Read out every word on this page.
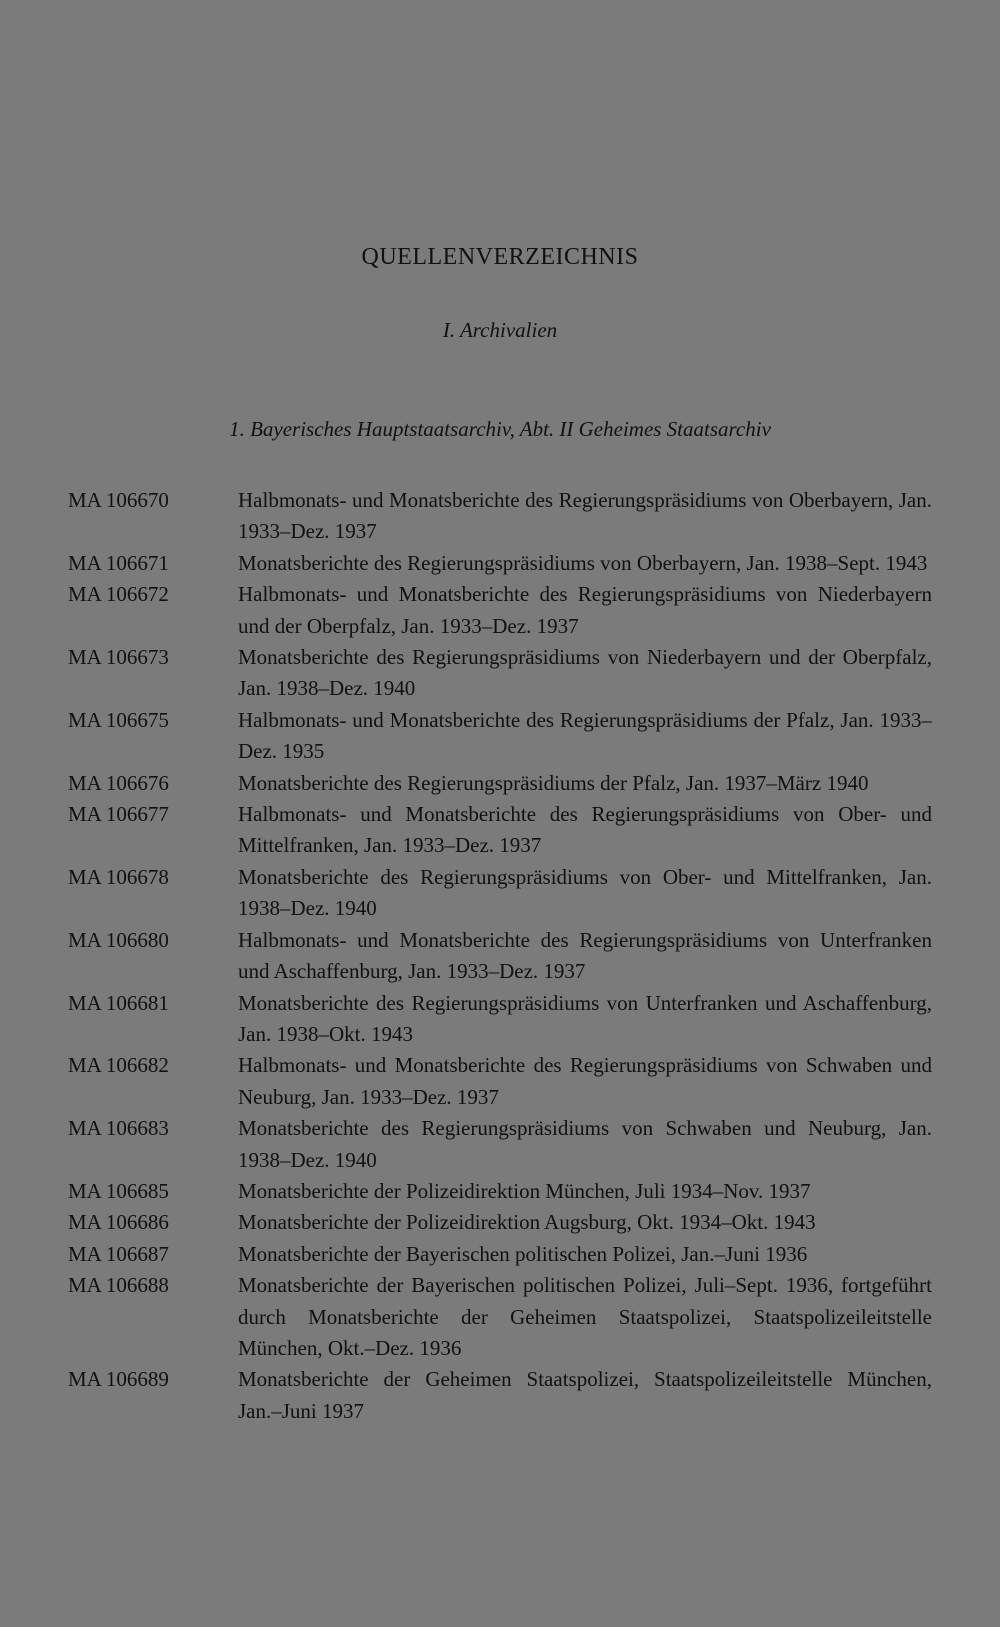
QUELLENVERZEICHNIS
I. Archivalien
1. Bayerisches Hauptstaatsarchiv, Abt. II Geheimes Staatsarchiv
MA 106670	Halbmonats- und Monatsberichte des Regierungspräsidiums von Oberbayern, Jan. 1933–Dez. 1937
MA 106671	Monatsberichte des Regierungspräsidiums von Oberbayern, Jan. 1938–Sept. 1943
MA 106672	Halbmonats- und Monatsberichte des Regierungspräsidiums von Niederbayern und der Oberpfalz, Jan. 1933–Dez. 1937
MA 106673	Monatsberichte des Regierungspräsidiums von Niederbayern und der Oberpfalz, Jan. 1938–Dez. 1940
MA 106675	Halbmonats- und Monatsberichte des Regierungspräsidiums der Pfalz, Jan. 1933–Dez. 1935
MA 106676	Monatsberichte des Regierungspräsidiums der Pfalz, Jan. 1937–März 1940
MA 106677	Halbmonats- und Monatsberichte des Regierungspräsidiums von Ober- und Mittelfranken, Jan. 1933–Dez. 1937
MA 106678	Monatsberichte des Regierungspräsidiums von Ober- und Mittelfranken, Jan. 1938–Dez. 1940
MA 106680	Halbmonats- und Monatsberichte des Regierungspräsidiums von Unterfranken und Aschaffenburg, Jan. 1933–Dez. 1937
MA 106681	Monatsberichte des Regierungspräsidiums von Unterfranken und Aschaffenburg, Jan. 1938–Okt. 1943
MA 106682	Halbmonats- und Monatsberichte des Regierungspräsidiums von Schwaben und Neuburg, Jan. 1933–Dez. 1937
MA 106683	Monatsberichte des Regierungspräsidiums von Schwaben und Neuburg, Jan. 1938–Dez. 1940
MA 106685	Monatsberichte der Polizeidirektion München, Juli 1934–Nov. 1937
MA 106686	Monatsberichte der Polizeidirektion Augsburg, Okt. 1934–Okt. 1943
MA 106687	Monatsberichte der Bayerischen politischen Polizei, Jan.–Juni 1936
MA 106688	Monatsberichte der Bayerischen politischen Polizei, Juli–Sept. 1936, fortgeführt durch Monatsberichte der Geheimen Staatspolizei, Staatspolizeileitstelle München, Okt.–Dez. 1936
MA 106689	Monatsberichte der Geheimen Staatspolizei, Staatspolizeileitstelle München, Jan.–Juni 1937
